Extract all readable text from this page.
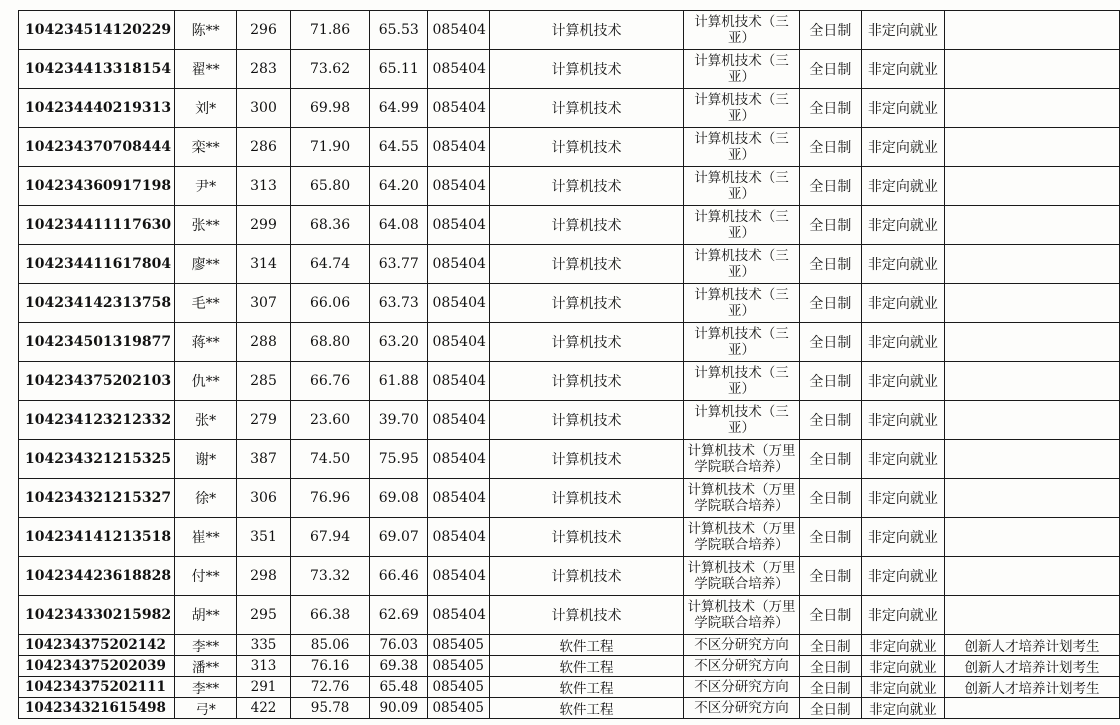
104234514120229	陈**	296	71.86	65.53	085404	计算机技术	计算机技术（三亚）	全日制	非定向就业	
104234413318154	翟**	283	73.62	65.11	085404	计算机技术	计算机技术（三亚）	全日制	非定向就业	
104234440219313	刘*	300	69.98	64.99	085404	计算机技术	计算机技术（三亚）	全日制	非定向就业	
104234370708444	栾**	286	71.90	64.55	085404	计算机技术	计算机技术（三亚）	全日制	非定向就业	
104234360917198	尹*	313	65.80	64.20	085404	计算机技术	计算机技术（三亚）	全日制	非定向就业	
104234411117630	张**	299	68.36	64.08	085404	计算机技术	计算机技术（三亚）	全日制	非定向就业	
104234411617804	廖**	314	64.74	63.77	085404	计算机技术	计算机技术（三亚）	全日制	非定向就业	
104234142313758	毛**	307	66.06	63.73	085404	计算机技术	计算机技术（三亚）	全日制	非定向就业	
104234501319877	蒋**	288	68.80	63.20	085404	计算机技术	计算机技术（三亚）	全日制	非定向就业	
104234375202103	仇**	285	66.76	61.88	085404	计算机技术	计算机技术（三亚）	全日制	非定向就业	
104234123212332	张*	279	23.60	39.70	085404	计算机技术	计算机技术（三亚）	全日制	非定向就业	
104234321215325	谢*	387	74.50	75.95	085404	计算机技术	计算机技术（万里学院联合培养）	全日制	非定向就业	
104234321215327	徐*	306	76.96	69.08	085404	计算机技术	计算机技术（万里学院联合培养）	全日制	非定向就业	
104234141213518	崔**	351	67.94	69.07	085404	计算机技术	计算机技术（万里学院联合培养）	全日制	非定向就业	
104234423618828	付**	298	73.32	66.46	085404	计算机技术	计算机技术（万里学院联合培养）	全日制	非定向就业	
104234330215982	胡**	295	66.38	62.69	085404	计算机技术	计算机技术（万里学院联合培养）	全日制	非定向就业	
104234375202142	李**	335	85.06	76.03	085405	软件工程	不区分研究方向	全日制	非定向就业	创新人才培养计划考生
104234375202039	潘**	313	76.16	69.38	085405	软件工程	不区分研究方向	全日制	非定向就业	创新人才培养计划考生
104234375202111	李**	291	72.76	65.48	085405	软件工程	不区分研究方向	全日制	非定向就业	创新人才培养计划考生
104234321615498	弓*	422	95.78	90.09	085405	软件工程	不区分研究方向	全日制	非定向就业	
